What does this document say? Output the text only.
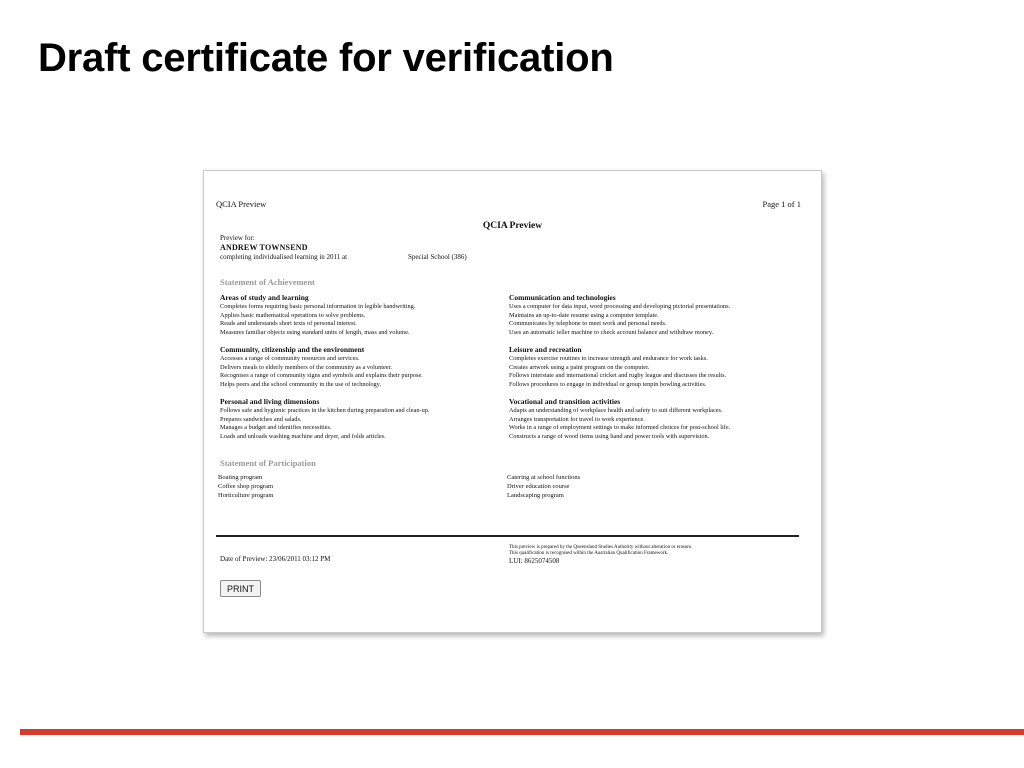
Draft certificate for verification
QCIA Preview	Page 1 of 1
QCIA Preview
Preview for:
ANDREW TOWNSEND
completing individualised learning in 2011 at	Special School (386)
Statement of Achievement
Areas of study and learning
Completes forms requiring basic personal information in legible handwriting.
Applies basic mathematical operations to solve problems.
Reads and understands short texts of personal interest.
Measures familiar objects using standard units of length, mass and volume.
Community, citizenship and the environment
Accesses a range of community resources and services.
Delivers meals to elderly members of the community as a volunteer.
Recognises a range of community signs and symbols and explains their purpose.
Helps peers and the school community in the use of technology.
Personal and living dimensions
Follows safe and hygienic practices in the kitchen during preparation and clean-up.
Prepares sandwiches and salads.
Manages a budget and identifies necessities.
Loads and unloads washing machine and dryer, and folds articles.
Communication and technologies
Uses a computer for data input, word processing and developing pictorial presentations.
Maintains an up-to-date resume using a computer template.
Communicates by telephone to meet work and personal needs.
Uses an automatic teller machine to check account balance and withdraw money.
Leisure and recreation
Completes exercise routines to increase strength and endurance for work tasks.
Creates artwork using a paint program on the computer.
Follows interstate and international cricket and rugby league and discusses the results.
Follows procedures to engage in individual or group tenpin bowling activities.
Vocational and transition activities
Adapts an understanding of workplace health and safety to suit different workplaces.
Arranges transportation for travel to work experience.
Works in a range of employment settings to make informed choices for post-school life.
Constructs a range of wood items using hand and power tools with supervision.
Statement of Participation
Boating program
Coffee shop program
Horticulture program
Catering at school functions
Driver education course
Landscaping program
Date of Preview: 23/06/2011 03:12 PM
This preview is prepared by the Queensland Studies Authority without alteration or erasure.
This qualification is recognised within the Australian Qualification Framework.
LUI: 8625074508
PRINT
